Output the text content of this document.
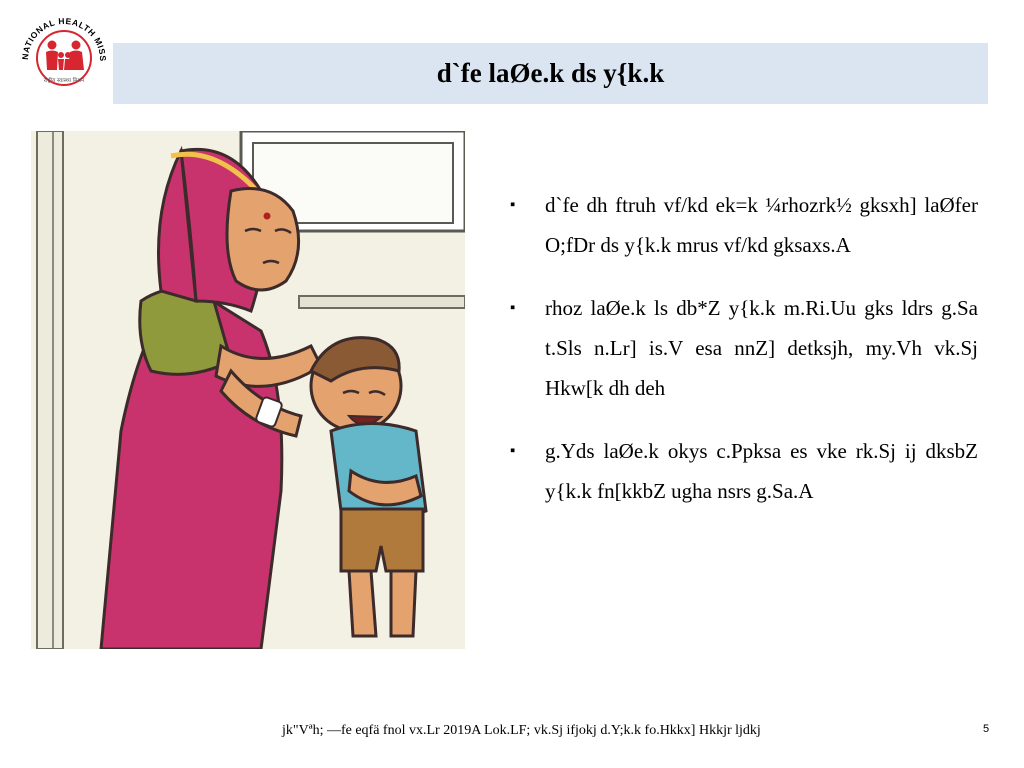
NATIONAL HEALTH MISS
राष्ट्रीय स्वास्थ्य मिशन	d`fe laØe.k ds y{k.k
▪ d`fe dh ftruh vf/kd ek=k ¼rhozrk½ gksxh] laØfer O;fDr ds y{k.k mrus vf/kd gksaxs.A
▪ rhoz laØe.k ls db*Z y{k.k m.Ri.Uu gks ldrs g.Sa t.Sls n.Lr] is.V esa nnZ] detksjh, my.Vh vk.Sj Hkw[k dh deh
▪ g.Yds laØe.k okys c.Ppksa es vke rk.Sj ij dksbZ y{k.k fn[kkbZ ugha nsrs g.Sa.A
jk"Vªh; —fe eqfä fnol vx.Lr 2019A Lok.LF; vk.Sj ifjokj d.Y;k.k fo.Hkkx] Hkkjr ljdkj	5
